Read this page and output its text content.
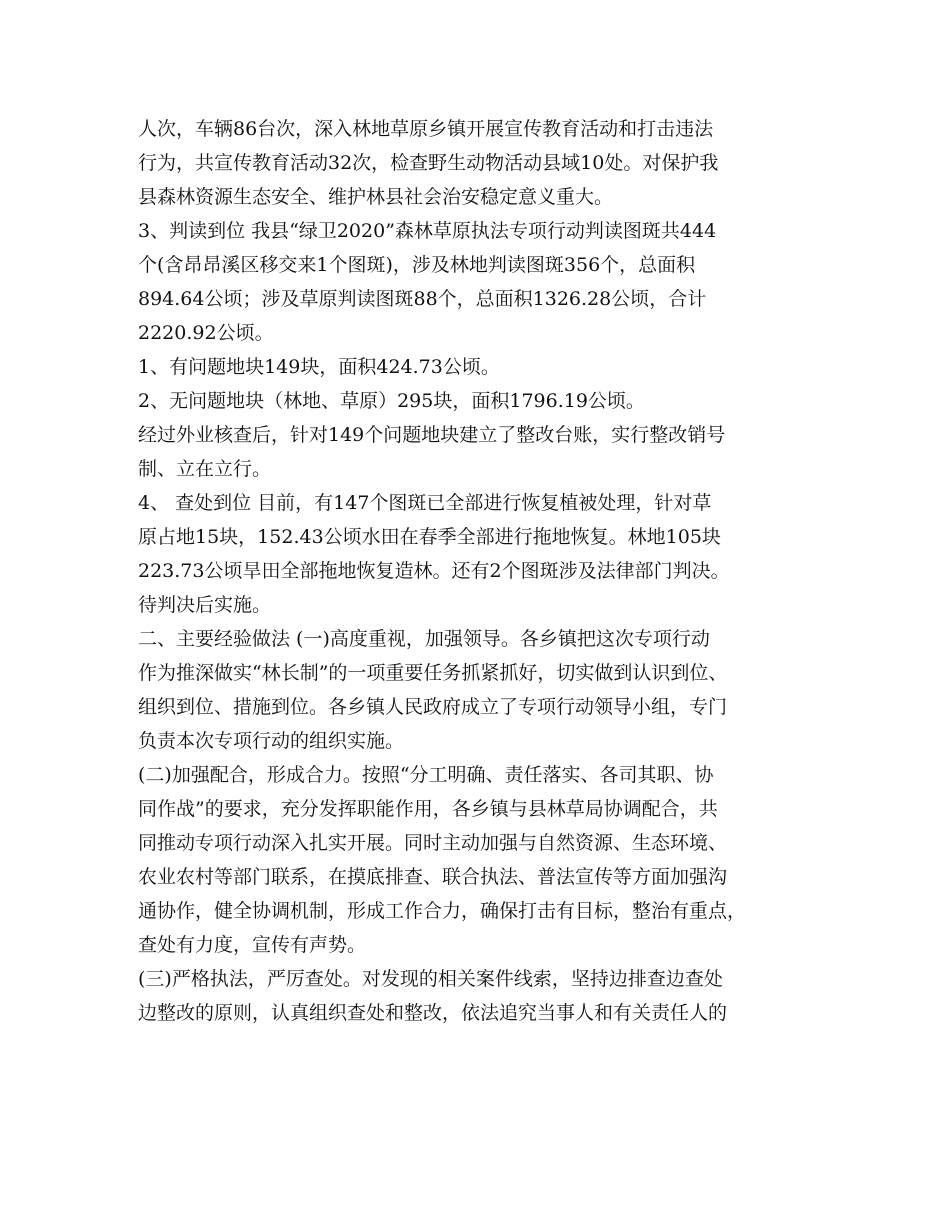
人次，车辆86台次，深入林地草原乡镇开展宣传教育活动和打击违法
行为，共宣传教育活动32次，检查野生动物活动县域10处。对保护我
县森林资源生态安全、维护林县社会治安稳定意义重大。
3、判读到位 我县“绿卫2020”森林草原执法专项行动判读图斑共444
个(含昂昂溪区移交来1个图斑)，涉及林地判读图斑356个，总面积
894.64公顷；涉及草原判读图斑88个，总面积1326.28公顷，合计
2220.92公顷。
1、有问题地块149块，面积424.73公顷。
2、无问题地块（林地、草原）295块，面积1796.19公顷。
经过外业核查后，针对149个问题地块建立了整改台账，实行整改销号
制、立在立行。
4、 查处到位 目前，有147个图斑已全部进行恢复植被处理，针对草
原占地15块，152.43公顷水田在春季全部进行拖地恢复。林地105块
223.73公顷旱田全部拖地恢复造林。还有2个图斑涉及法律部门判决。
待判决后实施。
二、主要经验做法 (一)高度重视，加强领导。各乡镇把这次专项行动
作为推深做实“林长制”的一项重要任务抓紧抓好，切实做到认识到位、
组织到位、措施到位。各乡镇人民政府成立了专项行动领导小组，专门
负责本次专项行动的组织实施。
(二)加强配合，形成合力。按照“分工明确、责任落实、各司其职、协
同作战”的要求，充分发挥职能作用，各乡镇与县林草局协调配合，共
同推动专项行动深入扎实开展。同时主动加强与自然资源、生态环境、
农业农村等部门联系，在摸底排查、联合执法、普法宣传等方面加强沟
通协作，健全协调机制，形成工作合力，确保打击有目标，整治有重点，
查处有力度，宣传有声势。
(三)严格执法，严厉查处。对发现的相关案件线索，坚持边排查边查处
边整改的原则，认真组织查处和整改，依法追究当事人和有关责任人的
